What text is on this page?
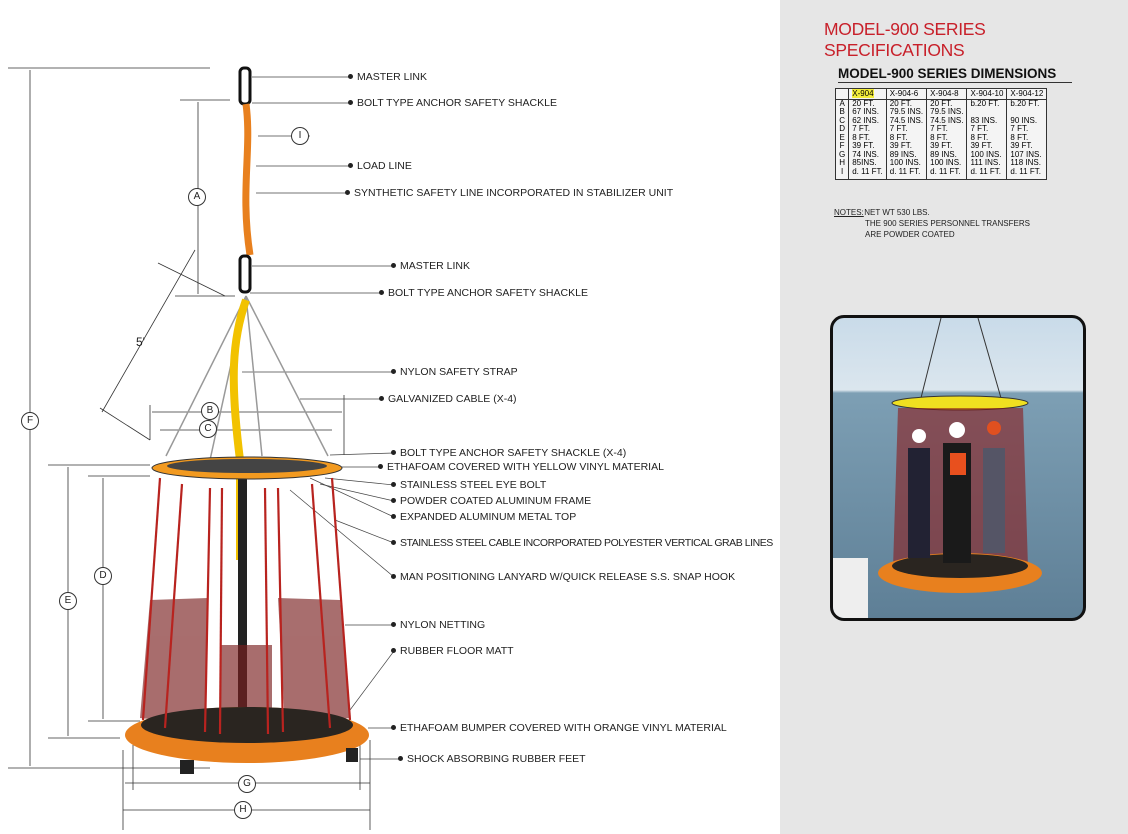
I
A
5'
B
C
F
D
E
G
H
MASTER LINK
BOLT TYPE ANCHOR SAFETY SHACKLE
LOAD LINE
SYNTHETIC SAFETY LINE INCORPORATED IN STABILIZER UNIT
MASTER LINK
BOLT TYPE ANCHOR SAFETY SHACKLE
NYLON SAFETY STRAP
GALVANIZED CABLE (X-4)
BOLT TYPE ANCHOR SAFETY SHACKLE (X-4)
ETHAFOAM COVERED WITH YELLOW VINYL MATERIAL
STAINLESS STEEL EYE BOLT
POWDER COATED ALUMINUM FRAME
EXPANDED ALUMINUM METAL TOP
STAINLESS STEEL CABLE INCORPORATED POLYESTER VERTICAL GRAB LINES
MAN POSITIONING LANYARD W/QUICK RELEASE S.S. SNAP HOOK
NYLON NETTING
RUBBER FLOOR MATT
ETHAFOAM BUMPER COVERED WITH ORANGE VINYL MATERIAL
SHOCK ABSORBING RUBBER FEET
MODEL-900 SERIES SPECIFICATIONS
MODEL-900 SERIES DIMENSIONS
	X-904	X-904-6	X-904-8	X-904-10	X-904-12
A	20 FT.	20 FT.	20 FT.	b.20 FT.	b.20 FT.
B	67 INS.	79.5 INS.	79.5 INS.		
C	62 INS.	74.5 INS.	74.5 INS.	83 INS.	90 INS.
D	7 FT.	7 FT.	7 FT.	7 FT.	7 FT.
E	8 FT.	8 FT.	8 FT.	8 FT.	8 FT.
F	39 FT.	39 FT.	39 FT.	39 FT.	39 FT.
G	74 INS.	89 INS.	89 INS.	100 INS.	107 INS.
H	85INS.	100 INS.	100 INS.	111 INS.	118 INS.
I	d. 11 FT.	d. 11 FT.	d. 11 FT.	d. 11 FT.	d. 11 FT.
NOTES: NET WT 530 LBS.
THE 900 SERIES PERSONNEL TRANSFERS
ARE POWDER COATED
